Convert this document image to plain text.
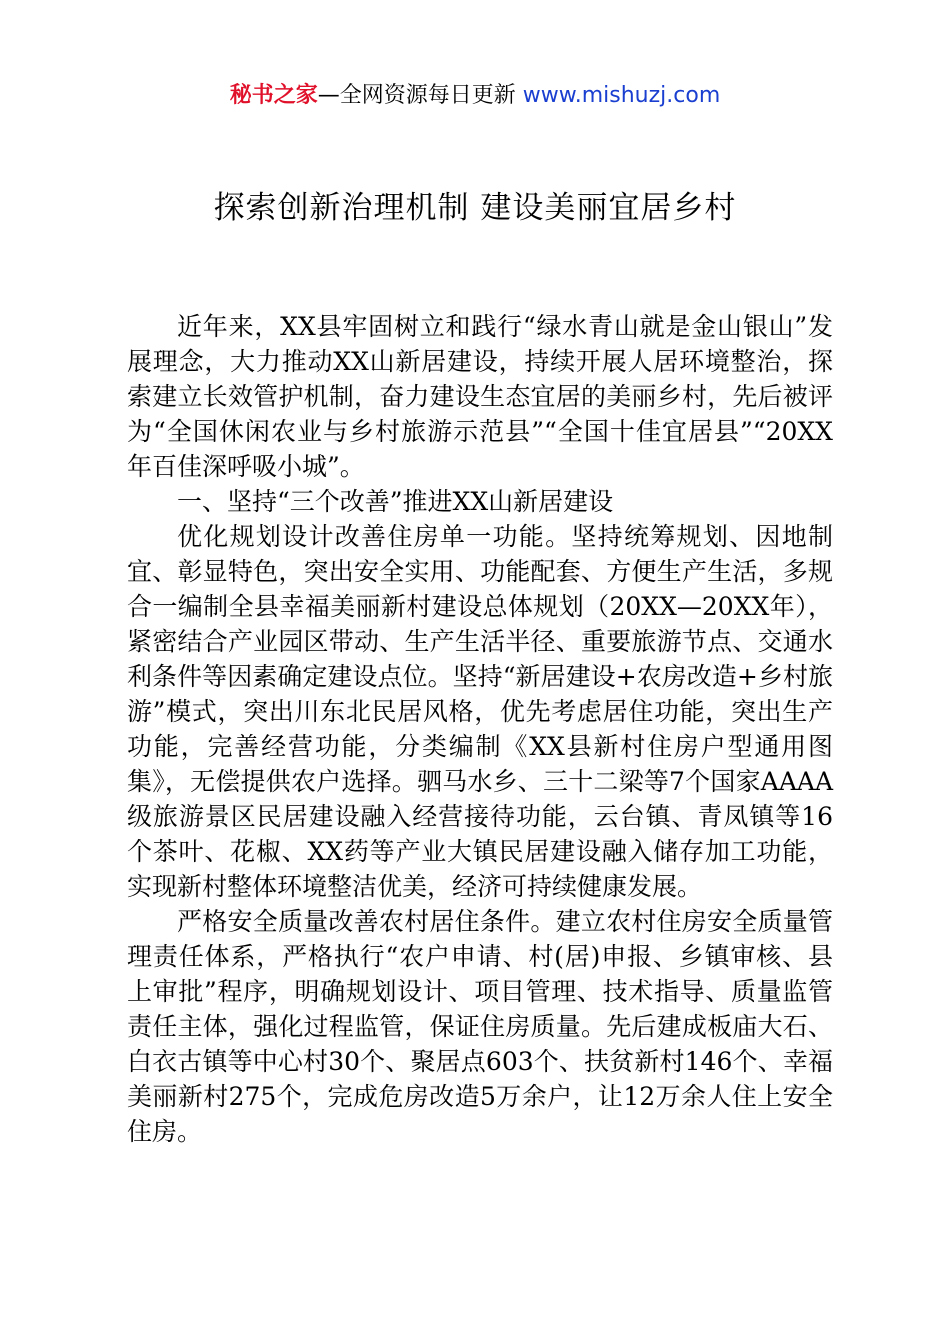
秘书之家—全网资源每日更新 www.mishuzj.com
探索创新治理机制 建设美丽宜居乡村

近年来，XX县牢固树立和践行“绿水青山就是金山银山”发展理念，大力推动XX山新居建设，持续开展人居环境整治，探索建立长效管护机制，奋力建设生态宜居的美丽乡村，先后被评为“全国休闲农业与乡村旅游示范县”“全国十佳宜居县”“20XX年百佳深呼吸小城”。

一、坚持“三个改善”推进XX山新居建设

优化规划设计改善住房单一功能。坚持统筹规划、因地制宜、彰显特色，突出安全实用、功能配套、方便生产生活，多规合一编制全县幸福美丽新村建设总体规划（20XX—20XX年），紧密结合产业园区带动、生产生活半径、重要旅游节点、交通水利条件等因素确定建设点位。坚持“新居建设+农房改造+乡村旅游”模式，突出川东北民居风格，优先考虑居住功能，突出生产功能，完善经营功能，分类编制《XX县新村住房户型通用图集》，无偿提供农户选择。驷马水乡、三十二梁等7个国家AAAA级旅游景区民居建设融入经营接待功能，云台镇、青凤镇等16个茶叶、花椒、XX药等产业大镇民居建设融入储存加工功能，实现新村整体环境整洁优美，经济可持续健康发展。

严格安全质量改善农村居住条件。建立农村住房安全质量管理责任体系，严格执行“农户申请、村(居)申报、乡镇审核、县上审批”程序，明确规划设计、项目管理、技术指导、质量监管责任主体，强化过程监管，保证住房质量。先后建成板庙大石、白衣古镇等中心村30个、聚居点603个、扶贫新村146个、幸福美丽新村275个，完成危房改造5万余户，让12万余人住上安全住房。
